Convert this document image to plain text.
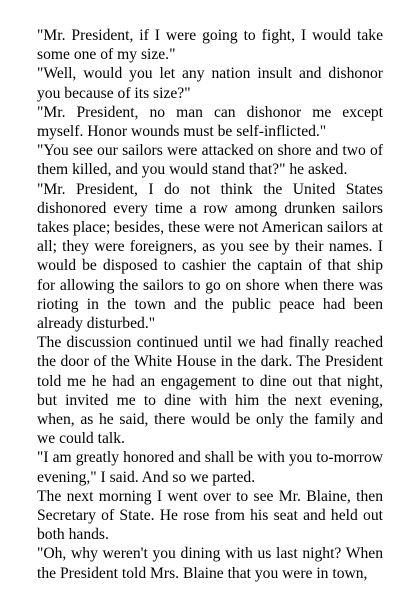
"Mr. President, if I were going to fight, I would take some one of my size."

"Well, would you let any nation insult and dishonor you because of its size?"

"Mr. President, no man can dishonor me except myself. Honor wounds must be self-inflicted."

"You see our sailors were attacked on shore and two of them killed, and you would stand that?" he asked.

"Mr. President, I do not think the United States dishonored every time a row among drunken sailors takes place; besides, these were not American sailors at all; they were foreigners, as you see by their names. I would be disposed to cashier the captain of that ship for allowing the sailors to go on shore when there was rioting in the town and the public peace had been already disturbed."

The discussion continued until we had finally reached the door of the White House in the dark. The President told me he had an engagement to dine out that night, but invited me to dine with him the next evening, when, as he said, there would be only the family and we could talk.

"I am greatly honored and shall be with you to-morrow evening," I said. And so we parted.

The next morning I went over to see Mr. Blaine, then Secretary of State. He rose from his seat and held out both hands.

"Oh, why weren't you dining with us last night? When the President told Mrs. Blaine that you were in town,
